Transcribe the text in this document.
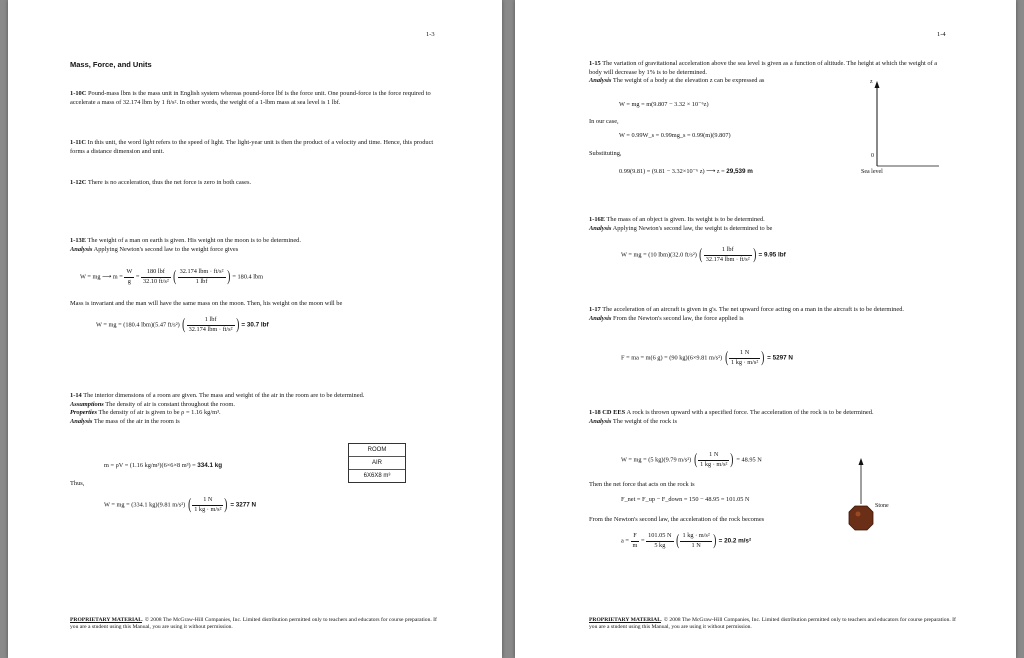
1-3
Mass, Force, and Units
1-10C Pound-mass lbm is the mass unit in English system whereas pound-force lbf is the force unit. One pound-force is the force required to accelerate a mass of 32.174 lbm by 1 ft/s². In other words, the weight of a 1-lbm mass at sea level is 1 lbf.
1-11C In this unit, the word light refers to the speed of light. The light-year unit is then the product of a velocity and time. Hence, this product forms a distance dimension and unit.
1-12C There is no acceleration, thus the net force is zero in both cases.
1-13E The weight of a man on earth is given. His weight on the moon is to be determined.
Analysis Applying Newton's second law to the weight force gives
W = mg ⟶ $m = \frac{W}{g} = \frac{\text{180 lbf}}{\text{32.10 ft/s²}}$ ( $\frac{\text{32.174 lbm · ft/s²}}{\text{1 lbf}}$ ) = 180.4 lbm
Mass is invariant and the man will have the same mass on the moon. Then, his weight on the moon will be
W = mg = (180.4 lbm)(5.47 ft/s²) ( $\frac{\text{1 lbf}}{\text{32.174 lbm · ft/s²}}$ ) = 30.7 lbf
1-14 The interior dimensions of a room are given. The mass and weight of the air in the room are to be determined.
Assumptions The density of air is constant throughout the room.
Properties The density of air is given to be ρ = 1.16 kg/m³.
Analysis The mass of the air in the room is
m = ρV = (1.16 kg/m³)(6×6×8 m³) = 334.1 kg
Thus,
W = mg = (334.1 kg)(9.81 m/s²) ( $\frac{1 N}{\text{1 kg · m/s²}}$ ) = 3277 N
ROOM
AIR
6X6X8 m³
PROPRIETARY MATERIAL. © 2008 The McGraw-Hill Companies, Inc. Limited distribution permitted only to teachers and educators for course preparation. If you are a student using this Manual, you are using it without permission.
1-4
1-15 The variation of gravitational acceleration above the sea level is given as a function of altitude. The height at which the weight of a body will decrease by 1% is to be determined.
Analysis The weight of a body at the elevation z can be expressed as
W = mg = m(9.807 − 3.32 × 10⁻⁶z)
In our case,
W = 0.99W_s = 0.99mg_s = 0.99(m)(9.807)
Substituting,
0.99(9.81) = (9.81 − 3.32×10⁻⁶ z) ⟶ z = 29,539 m
z
0
Sea level
1-16E The mass of an object is given. Its weight is to be determined.
Analysis Applying Newton's second law, the weight is determined to be
W = mg = (10 lbm)(32.0 ft/s²) ( $\frac{\text{1 lbf}}{\text{32.174 lbm · ft/s²}}$ ) = 9.95 lbf
1-17 The acceleration of an aircraft is given in g's. The net upward force acting on a man in the aircraft is to be determined.
Analysis From the Newton's second law, the force applied is
F = ma = m(6 g) = (90 kg)(6×9.81 m/s²) ( $\frac{1 N}{\text{1 kg · m/s²}}$ ) = 5297 N
1-18 CD EES A rock is thrown upward with a specified force. The acceleration of the rock is to be determined.
Analysis The weight of the rock is
W = mg = (5 kg)(9.79 m/s²) ( $\frac{1 N}{\text{1 kg · m/s²}}$ ) = 48.95 N
Then the net force that acts on the rock is
F_net = F_up − F_down = 150 − 48.95 = 101.05 N
From the Newton's second law, the acceleration of the rock becomes
$a = \frac{F}{m} = \frac{101.05 N}{5 kg}$ ( $\frac{\text{1 kg · m/s²}}{1 N}$ ) = 20.2 m/s²
Stone
PROPRIETARY MATERIAL. © 2008 The McGraw-Hill Companies, Inc. Limited distribution permitted only to teachers and educators for course preparation. If you are a student using this Manual, you are using it without permission.
